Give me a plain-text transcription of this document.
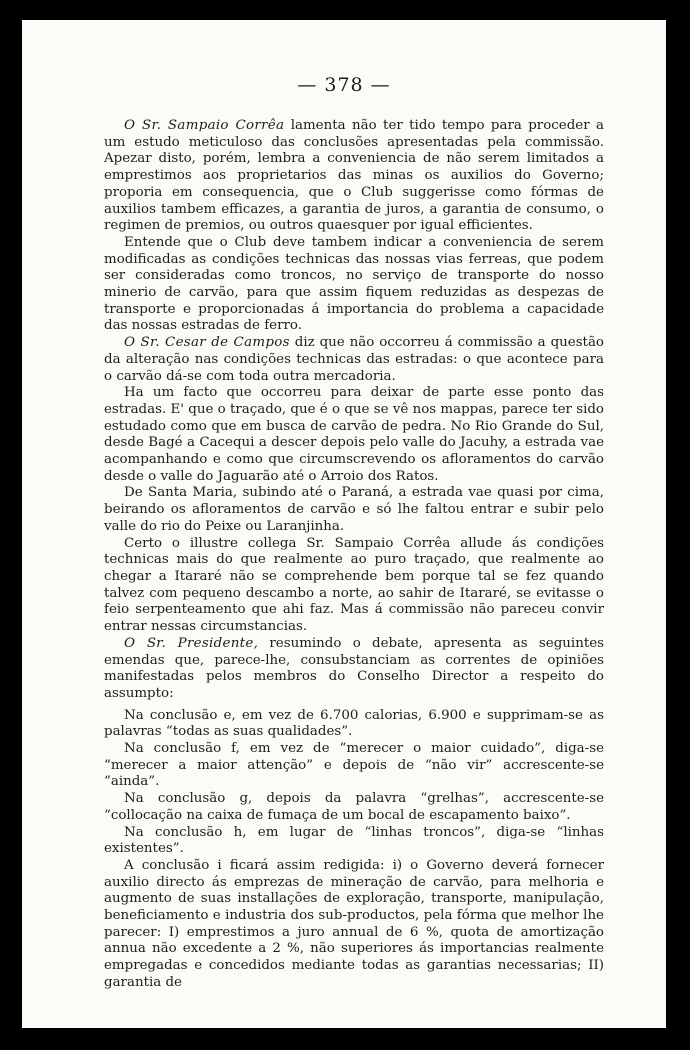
— 378 —

O Sr. Sampaio Corrêa lamenta não ter tido tempo para proceder a um estudo meticuloso das conclusões apresentadas pela commissão. Apezar disto, porém, lembra a conveniencia de não serem limitados a emprestimos aos proprietarios das minas os auxilios do Governo; proporia em consequencia, que o Club suggerisse como fórmas de auxilios tambem efficazes, a garantia de juros, a garantia de consumo, o regimen de premios, ou outros quaesquer por igual efficientes.

Entende que o Club deve tambem indicar a conveniencia de serem modificadas as condições technicas das nossas vias ferreas, que podem ser consideradas como troncos, no serviço de transporte do nosso minerio de carvão, para que assim fiquem reduzidas as despezas de transporte e proporcionadas á importancia do problema a capacidade das nossas estradas de ferro.

O Sr. Cesar de Campos diz que não occorreu á commissão a questão da alteração nas condições technicas das estradas: o que acontece para o carvão dá-se com toda outra mercadoria.

Ha um facto que occorreu para deixar de parte esse ponto das estradas. E' que o traçado, que é o que se vê nos mappas, parece ter sido estudado como que em busca de carvão de pedra. No Rio Grande do Sul, desde Bagé a Cacequi a descer depois pelo valle do Jacuhy, a estrada vae acompanhando e como que circumscrevendo os afloramentos do carvão desde o valle do Jaguarão até o Arroio dos Ratos.

De Santa Maria, subindo até o Paraná, a estrada vae quasi por cima, beirando os afloramentos de carvão e só lhe faltou entrar e subir pelo valle do rio do Peixe ou Laranjinha.

Certo o illustre collega Sr. Sampaio Corrêa allude ás condições technicas mais do que realmente ao puro traçado, que realmente ao chegar a Itararé não se comprehende bem porque tal se fez quando talvez com pequeno descambo a norte, ao sahir de Itararé, se evitasse o feio serpenteamento que ahi faz. Mas á commissão não pareceu convir entrar nessas circumstancias.

O Sr. Presidente, resumindo o debate, apresenta as seguintes emendas que, parece-lhe, consubstanciam as correntes de opiniões manifestadas pelos membros do Conselho Director a respeito do assumpto:

Na conclusão e, em vez de 6.700 calorias, 6.900 e supprimam-se as palavras “todas as suas qualidades”.

Na conclusão f, em vez de “merecer o maior cuidado”, diga-se “merecer a maior attenção” e depois de “não vir” accrescente-se “ainda”.

Na conclusão g, depois da palavra “grelhas”, accrescente-se “collocação na caixa de fumaça de um bocal de escapamento baixo”.

Na conclusão h, em lugar de “linhas troncos”, diga-se “linhas existentes”.

A conclusão i ficará assim redigida: i) o Governo deverá fornecer auxilio directo ás emprezas de mineração de carvão, para melhoria e augmento de suas installações de exploração, transporte, manipulação, beneficiamento e industria dos sub-productos, pela fórma que melhor lhe parecer: I) emprestimos a juro annual de 6 %, quota de amortização annua não excedente a 2 %, não superiores ás importancias realmente empregadas e concedidos mediante todas as garantias necessarias; II) garantia de
